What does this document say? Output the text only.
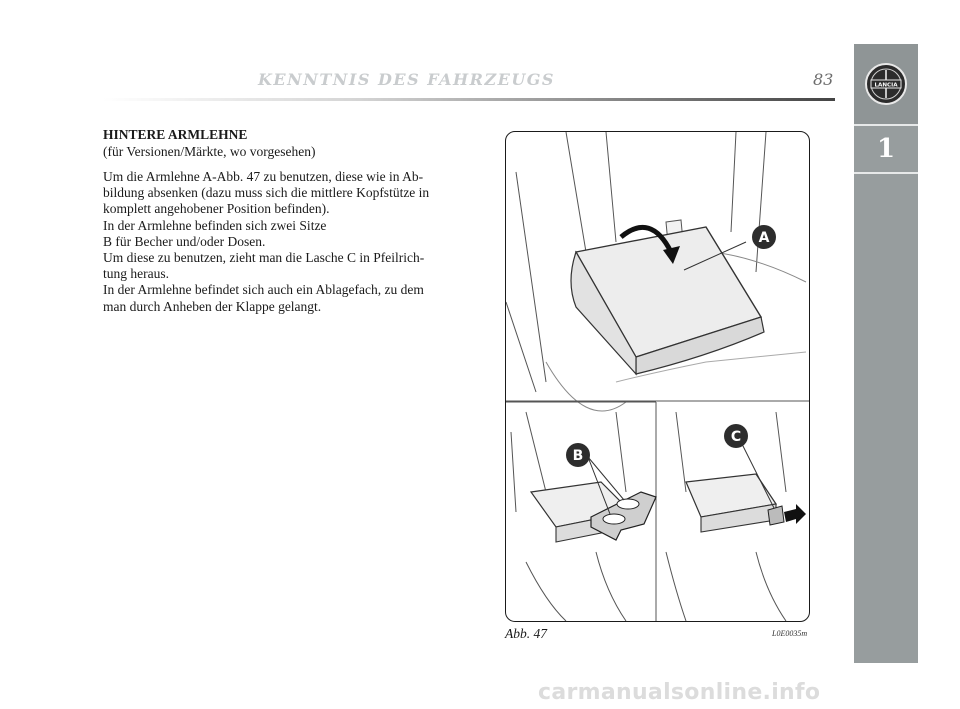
KENNTNIS DES FAHRZEUGS	83	LANCIA
1
HINTERE ARMLEHNE
(für Versionen/Märkte, wo vorgesehen)
Um die Armlehne A-Abb. 47 zu benutzen, diese wie in Ab-
bildung absenken (dazu muss sich die mittlere Kopfstütze in
komplett angehobener Position befinden).
In der Armlehne befinden sich zwei Sitze
B für Becher und/oder Dosen.
Um diese zu benutzen, zieht man die Lasche C in Pfeilrich-
tung heraus.
In der Armlehne befindet sich auch ein Ablagefach, zu dem
man durch Anheben der Klappe gelangt.
A
B
C
Abb. 47	L0E0035m
carmanualsonline.info
